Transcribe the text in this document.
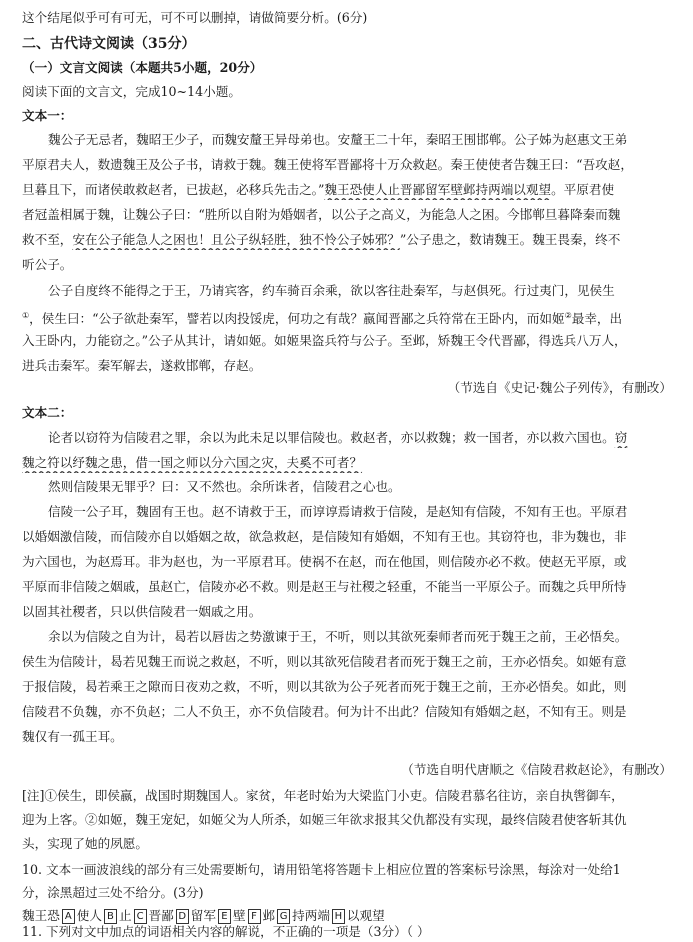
这个结尾似乎可有可无，可不可以删掉，请做简要分析。(6分)
二、古代诗文阅读（35分）
（一）文言文阅读（本题共5小题，20分）
阅读下面的文言文，完成10~14小题。
文本一：
魏公子无忌者，魏昭王少子，而魏安釐王异母弟也。安釐王二十年，秦昭王围邯郸。公子姊为赵惠文王弟
平原君夫人，数遗魏王及公子书，请救于魏。魏王使将军晋鄙将十万众救赵。秦王使使者告魏王曰：“吾攻赵，
旦暮且下，而诸侯敢救赵者，已拔赵，必移兵先击之。”魏王恐使人止晋鄙留军壁邺持两端以观望。平原君使
者冠盖相属于魏，让魏公子曰：“胜所以自附为婚姻者，以公子之高义，为能急人之困。今邯郸旦暮降秦而魏
救不至，安在公子能急人之困也！且公子纵轻胜，独不怜公子姊邪？”公子患之，数请魏王。魏王畏秦，终不
听公子。
公子自度终不能得之于王，乃请宾客，约车骑百余乘，欲以客往赴秦军，与赵俱死。行过夷门，见侯生
①，侯生曰：“公子欲赴秦军，譬若以肉投馁虎，何功之有哉？嬴闻晋鄙之兵符常在王卧内，而如姬②最幸，出
入王卧内，力能窃之。”公子从其计，请如姬。如姬果盗兵符与公子。至邺，矫魏王令代晋鄙，得选兵八万人，
进兵击秦军。秦军解去，遂救邯郸，存赵。
（节选自《史记·魏公子列传》，有删改）
文本二：
论者以窃符为信陵君之罪，余以为此未足以罪信陵也。救赵者，亦以救魏；救一国者，亦以救六国也。窃
魏之符以纾魏之患，借一国之师以分六国之灾，夫奚不可者？
然则信陵果无罪乎？曰：又不然也。余所诛者，信陵君之心也。
信陵一公子耳，魏固有王也。赵不请救于王，而谆谆焉请救于信陵，是赵知有信陵，不知有王也。平原君
以婚姻激信陵，而信陵亦自以婚姻之故，欲急救赵，是信陵知有婚姻，不知有王也。其窃符也，非为魏也，非
为六国也，为赵焉耳。非为赵也，为一平原君耳。使祸不在赵，而在他国，则信陵亦必不救。使赵无平原，或
平原而非信陵之姻戚，虽赵亡，信陵亦必不救。则是赵王与社稷之轻重，不能当一平原公子。而魏之兵甲所恃
以固其社稷者，只以供信陵君一姻戚之用。
余以为信陵之自为计，曷若以唇齿之势激谏于王，不听，则以其欲死秦师者而死于魏王之前，王必悟矣。
侯生为信陵计，曷若见魏王而说之救赵，不听，则以其欲死信陵君者而死于魏王之前，王亦必悟矣。如姬有意
于报信陵，曷若乘王之隙而日夜劝之救，不听，则以其欲为公子死者而死于魏王之前，王亦必悟矣。如此，则
信陵君不负魏，亦不负赵；二人不负王，亦不负信陵君。何为计不出此？信陵知有婚姻之赵，不知有王。则是
魏仅有一孤王耳。
（节选自明代唐顺之《信陵君救赵论》，有删改）
[注]①侯生，即侯嬴，战国时期魏国人。家贫，年老时始为大梁监门小吏。信陵君慕名往访，亲自执辔御车，
迎为上客。②如姬，魏王宠妃，如姬父为人所杀，如姬三年欲求报其父仇都没有实现，最终信陵君使客斩其仇
头，实现了她的夙愿。
10. 文本一画波浪线的部分有三处需要断句，请用铅笔将答题卡上相应位置的答案标号涂黑，每涂对一处给1
分，涂黑超过三处不给分。(3分)
魏王恐 A 使人 B 止 C 晋鄙 D 留军 E 壁 F 邺 G 持两端 H 以观望
11. 下列对文中加点的词语相关内容的解说，不正确的一项是（3分）（ ）
